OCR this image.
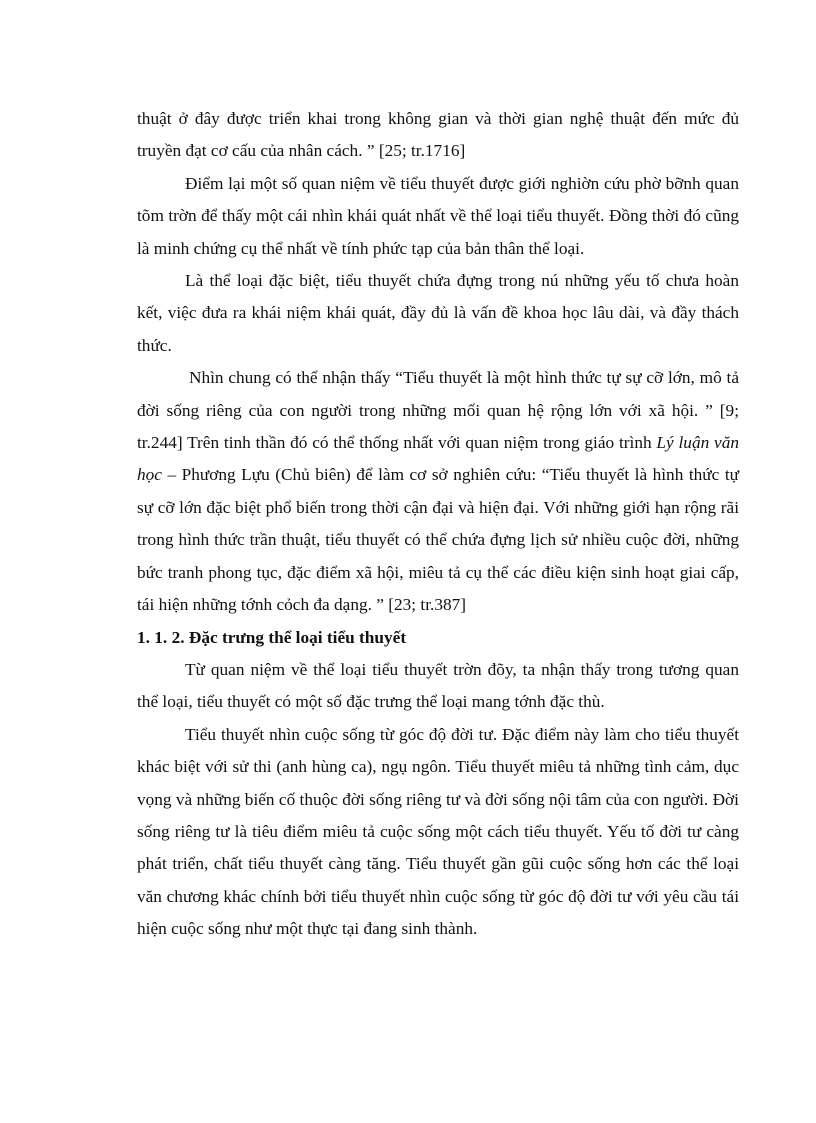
thuật ở đây được triển khai trong không gian và thời gian nghệ thuật đến mức đủ truyền đạt cơ cấu của nhân cách. ” [25; tr.1716]

Điểm lại một số quan niệm về tiểu thuyết được giới nghiờn cứu phờ bỡnh quan tõm trờn để thấy một cái nhìn khái quát nhất về thể loại tiểu thuyết. Đồng thời đó cũng là minh chứng cụ thể nhất về tính phức tạp của bản thân thể loại.

Là thể loại đặc biệt, tiểu thuyết chứa đựng trong nú những yếu tố chưa hoàn kết, việc đưa ra khái niệm khái quát, đầy đủ là vấn đề khoa học lâu dài, và đầy thách thức.

Nhìn chung có thể nhận thấy “Tiểu thuyết là một hình thức tự sự cỡ lớn, mô tả đời sống riêng của con người trong những mối quan hệ rộng lớn với xã hội. ” [9; tr.244] Trên tinh thần đó có thể thống nhất với quan niệm trong giáo trình Lý luận văn học – Phương Lựu (Chủ biên) để làm cơ sở nghiên cứu: “Tiểu thuyết là hình thức tự sự cỡ lớn đặc biệt phổ biến trong thời cận đại và hiện đại. Với những giới hạn rộng rãi trong hình thức trần thuật, tiểu thuyết có thể chứa đựng lịch sử nhiều cuộc đời, những bức tranh phong tục, đặc điểm xã hội, miêu tả cụ thể các điều kiện sinh hoạt giai cấp, tái hiện những tớnh cỏch đa dạng. ” [23; tr.387]

1. 1. 2. Đặc trưng thể loại tiểu thuyết

Từ quan niệm về thể loại tiểu thuyết trờn đõy, ta nhận thấy trong tương quan thể loại, tiểu thuyết có một số đặc trưng thể loại mang tớnh đặc thù.

Tiểu thuyết nhìn cuộc sống từ góc độ đời tư. Đặc điểm này làm cho tiểu thuyết khác biệt với sử thi (anh hùng ca), ngụ ngôn. Tiểu thuyết miêu tả những tình cảm, dục vọng và những biến cố thuộc đời sống riêng tư và đời sống nội tâm của con người. Đời sống riêng tư là tiêu điểm miêu tả cuộc sống một cách tiểu thuyết. Yếu tố đời tư càng phát triển, chất tiểu thuyết càng tăng. Tiểu thuyết gần gũi cuộc sống hơn các thể loại văn chương khác chính bởi tiểu thuyết nhìn cuộc sống từ góc độ đời tư với yêu cầu tái hiện cuộc sống như một thực tại đang sinh thành.
